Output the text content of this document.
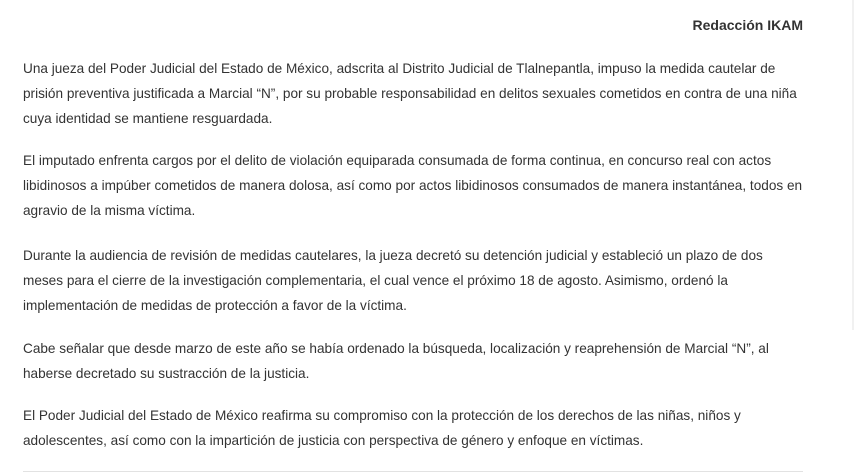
Redacción IKAM

Una jueza del Poder Judicial del Estado de México, adscrita al Distrito Judicial de Tlalnepantla, impuso la medida cautelar de prisión preventiva justificada a Marcial “N”, por su probable responsabilidad en delitos sexuales cometidos en contra de una niña cuya identidad se mantiene resguardada.

El imputado enfrenta cargos por el delito de violación equiparada consumada de forma continua, en concurso real con actos libidinosos a impúber cometidos de manera dolosa, así como por actos libidinosos consumados de manera instantánea, todos en agravio de la misma víctima.

Durante la audiencia de revisión de medidas cautelares, la jueza decretó su detención judicial y estableció un plazo de dos meses para el cierre de la investigación complementaria, el cual vence el próximo 18 de agosto. Asimismo, ordenó la implementación de medidas de protección a favor de la víctima.

Cabe señalar que desde marzo de este año se había ordenado la búsqueda, localización y reaprehensión de Marcial “N”, al haberse decretado su sustracción de la justicia.

El Poder Judicial del Estado de México reafirma su compromiso con la protección de los derechos de las niñas, niños y adolescentes, así como con la impartición de justicia con perspectiva de género y enfoque en víctimas.
